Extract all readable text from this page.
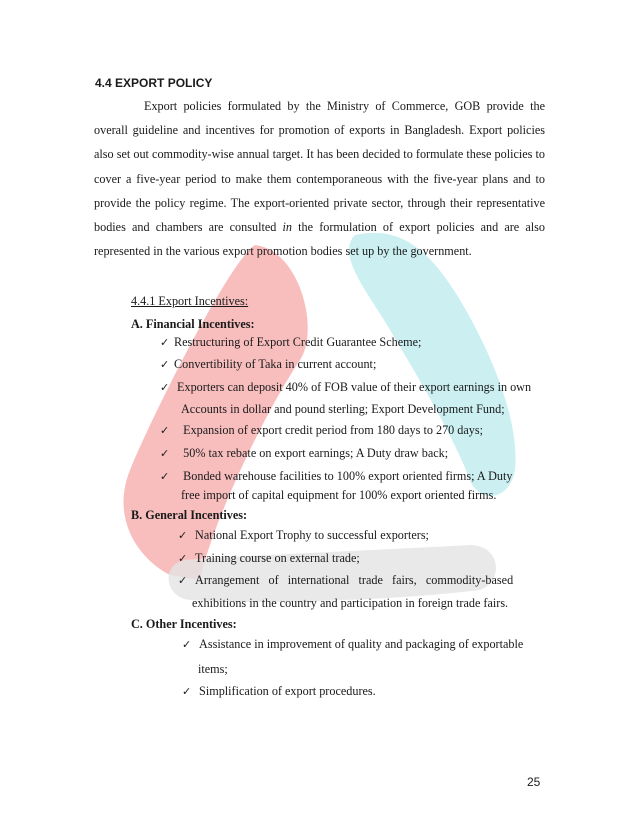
4.4 EXPORT POLICY

Export policies formulated by the Ministry of Commerce, GOB provide the overall guideline and incentives for promotion of exports in Bangladesh. Export policies also set out commodity-wise annual target. It has been decided to formulate these policies to cover a five-year period to make them contemporaneous with the five-year plans and to provide the policy regime. The export-oriented private sector, through their representative bodies and chambers are consulted in the formulation of export policies and are also represented in the various export promotion bodies set up by the government.

4.4.1 Export Incentives:
A. Financial Incentives:
✓ Restructuring of Export Credit Guarantee Scheme;
✓ Convertibility of Taka in current account;
✓ Exporters can deposit 40% of FOB value of their export earnings in own
Accounts in dollar and pound sterling; Export Development Fund;
✓ Expansion of export credit period from 180 days to 270 days;
✓ 50% tax rebate on export earnings; A Duty draw back;
✓ Bonded warehouse facilities to 100% export oriented firms; A Duty
free import of capital equipment for 100% export oriented firms.
B. General Incentives:
✓ National Export Trophy to successful exporters;
✓ Training course on external trade;
✓ Arrangement   of   international   trade   fairs,   commodity-based
exhibitions in the country and participation in foreign trade fairs.
C. Other Incentives:
✓ Assistance in improvement of quality and packaging of exportable
items;
✓ Simplification of export procedures.
25
